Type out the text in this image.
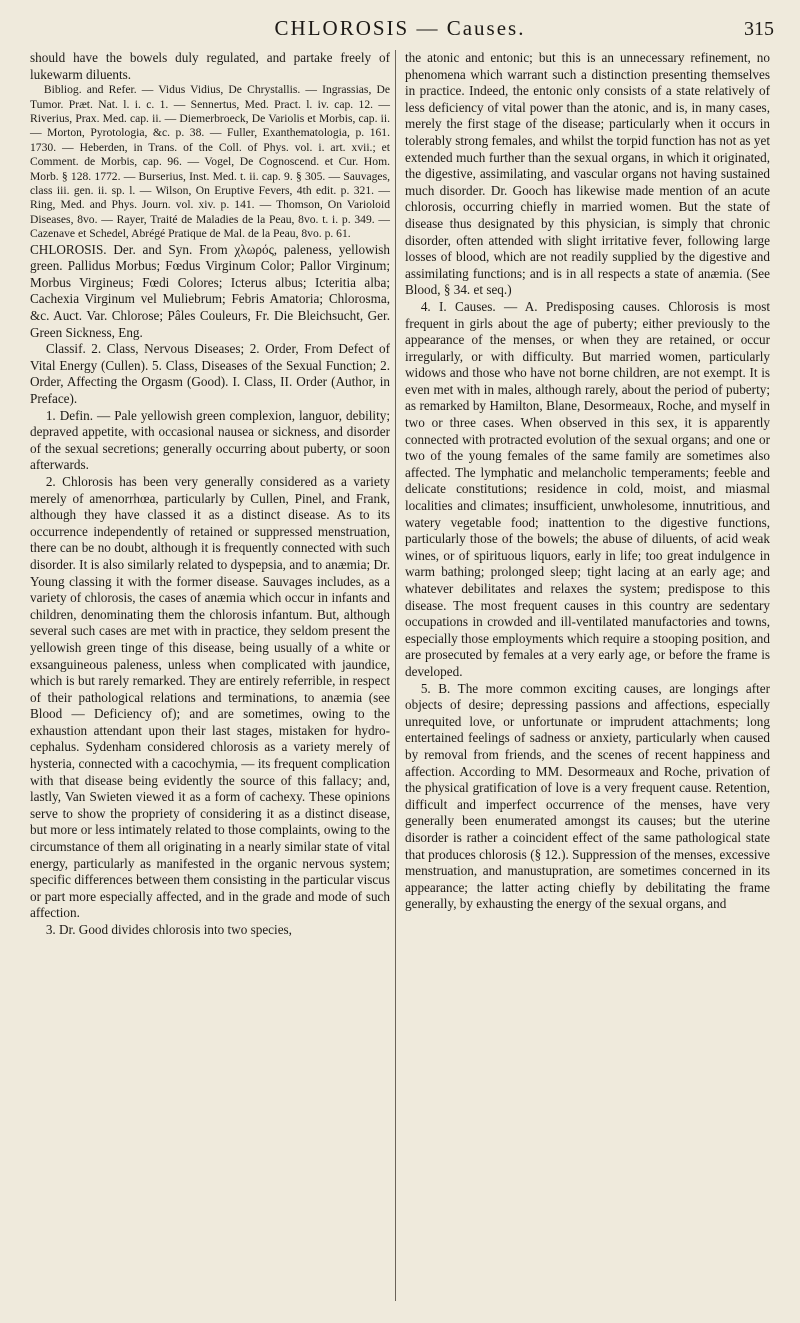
CHLOROSIS — Causes.	315

should have the bowels duly regulated, and partake freely of lukewarm diluents.

Bibliog. and Refer. — Vidus Vidius, De Chrystallis. — Ingrassias, De Tumor. Præt. Nat. l. i. c. 1. — Sennertus, Med. Pract. l. iv. cap. 12. — Riverius, Prax. Med. cap. ii. — Diemerbroeck, De Variolis et Morbis, cap. ii. — Morton, Pyrotologia, &c. p. 38. — Fuller, Exanthematologia, p. 161. 1730. — Heberden, in Trans. of the Coll. of Phys. vol. i. art. xvii.; et Comment. de Morbis, cap. 96. — Vogel, De Cognoscend. et Cur. Hom. Morb. § 128. 1772. — Burserius, Inst. Med. t. ii. cap. 9. § 305. — Sauvages, class iii. gen. ii. sp. l. — Wilson, On Eruptive Fevers, 4th edit. p. 321. — Ring, Med. and Phys. Journ. vol. xiv. p. 141. — Thomson, On Varioloid Diseases, 8vo. — Rayer, Traité de Maladies de la Peau, 8vo. t. i. p. 349. — Cazenave et Schedel, Abrégé Pratique de Mal. de la Peau, 8vo. p. 61.

CHLOROSIS. Der. and Syn. From χλωρός, paleness, yellowish green. Pallidus Morbus; Fœdus Virginum Color; Pallor Virginum; Morbus Virgineus; Fœdi Colores; Icterus albus; Icteritia alba; Cachexia Virginum vel Muliebrum; Febris Amatoria; Chlorosma, &c. Auct. Var. Chlorose; Pâles Couleurs, Fr. Die Bleichsucht, Ger. Green Sickness, Eng.

Classif. 2. Class, Nervous Diseases; 2. Order, From Defect of Vital Energy (Cullen). 5. Class, Diseases of the Sexual Function; 2. Order, Affecting the Orgasm (Good). I. Class, II. Order (Author, in Preface).

1. Defin. — Pale yellowish green complexion, languor, debility; depraved appetite, with occasional nausea or sickness, and disorder of the sexual secretions; generally occurring about puberty, or soon afterwards.

2. Chlorosis has been very generally considered as a variety merely of amenorrhœa, particularly by Cullen, Pinel, and Frank, although they have classed it as a distinct disease. As to its occurrence independently of retained or suppressed menstruation, there can be no doubt, although it is frequently connected with such disorder. It is also similarly related to dyspepsia, and to anæmia; Dr. Young classing it with the former disease. Sauvages includes, as a variety of chlorosis, the cases of anæmia which occur in infants and children, denominating them the chlorosis infantum. But, although several such cases are met with in practice, they seldom present the yellowish green tinge of this disease, being usually of a white or exsanguineous paleness, unless when complicated with jaundice, which is but rarely remarked. They are entirely referrible, in respect of their pathological relations and terminations, to anæmia (see Blood — Deficiency of); and are sometimes, owing to the exhaustion attendant upon their last stages, mistaken for hydrocephalus. Sydenham considered chlorosis as a variety merely of hysteria, connected with a cacochymia, — its frequent complication with that disease being evidently the source of this fallacy; and, lastly, Van Swieten viewed it as a form of cachexy. These opinions serve to show the propriety of considering it as a distinct disease, but more or less intimately related to those complaints, owing to the circumstance of them all originating in a nearly similar state of vital energy, particularly as manifested in the organic nervous system; specific differences between them consisting in the particular viscus or part more especially affected, and in the grade and mode of such affection.

3. Dr. Good divides chlorosis into two species,

the atonic and entonic; but this is an unnecessary refinement, no phenomena which warrant such a distinction presenting themselves in practice. Indeed, the entonic only consists of a state relatively of less deficiency of vital power than the atonic, and is, in many cases, merely the first stage of the disease; particularly when it occurs in tolerably strong females, and whilst the torpid function has not as yet extended much further than the sexual organs, in which it originated, the digestive, assimilating, and vascular organs not having sustained much disorder. Dr. Gooch has likewise made mention of an acute chlorosis, occurring chiefly in married women. But the state of disease thus designated by this physician, is simply that chronic disorder, often attended with slight irritative fever, following large losses of blood, which are not readily supplied by the digestive and assimilating functions; and is in all respects a state of anæmia. (See Blood, § 34. et seq.)

4. I. Causes. — A. Predisposing causes. Chlorosis is most frequent in girls about the age of puberty; either previously to the appearance of the menses, or when they are retained, or occur irregularly, or with difficulty. But married women, particularly widows and those who have not borne children, are not exempt. It is even met with in males, although rarely, about the period of puberty; as remarked by Hamilton, Blane, Desormeaux, Roche, and myself in two or three cases. When observed in this sex, it is apparently connected with protracted evolution of the sexual organs; and one or two of the young females of the same family are sometimes also affected. The lymphatic and melancholic temperaments; feeble and delicate constitutions; residence in cold, moist, and miasmal localities and climates; insufficient, unwholesome, innutritious, and watery vegetable food; inattention to the digestive functions, particularly those of the bowels; the abuse of diluents, of acid weak wines, or of spirituous liquors, early in life; too great indulgence in warm bathing; prolonged sleep; tight lacing at an early age; and whatever debilitates and relaxes the system; predispose to this disease. The most frequent causes in this country are sedentary occupations in crowded and ill-ventilated manufactories and towns, especially those employments which require a stooping position, and are prosecuted by females at a very early age, or before the frame is developed.

5. B. The more common exciting causes, are longings after objects of desire; depressing passions and affections, especially unrequited love, or unfortunate or imprudent attachments; long entertained feelings of sadness or anxiety, particularly when caused by removal from friends, and the scenes of recent happiness and affection. According to MM. Desormeaux and Roche, privation of the physical gratification of love is a very frequent cause. Retention, difficult and imperfect occurrence of the menses, have very generally been enumerated amongst its causes; but the uterine disorder is rather a coincident effect of the same pathological state that produces chlorosis (§ 12.). Suppression of the menses, excessive menstruation, and manustupration, are sometimes concerned in its appearance; the latter acting chiefly by debilitating the frame generally, by exhausting the energy of the sexual organs, and
